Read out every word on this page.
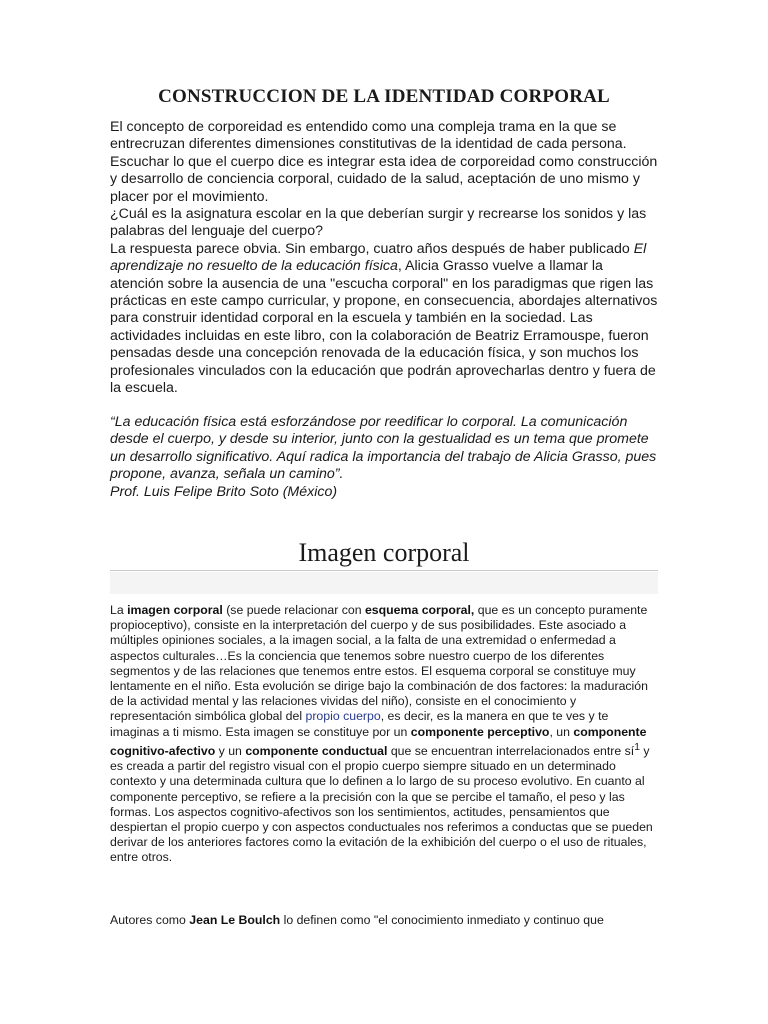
CONSTRUCCION DE LA IDENTIDAD CORPORAL

El concepto de corporeidad es entendido como una compleja trama en la que se entrecruzan diferentes dimensiones constitutivas de la identidad de cada persona. Escuchar lo que el cuerpo dice es integrar esta idea de corporeidad como construcción y desarrollo de conciencia corporal, cuidado de la salud, aceptación de uno mismo y placer por el movimiento.

¿Cuál es la asignatura escolar en la que deberían surgir y recrearse los sonidos y las palabras del lenguaje del cuerpo?

La respuesta parece obvia. Sin embargo, cuatro años después de haber publicado El aprendizaje no resuelto de la educación física, Alicia Grasso vuelve a llamar la atención sobre la ausencia de una "escucha corporal" en los paradigmas que rigen las prácticas en este campo curricular, y propone, en consecuencia, abordajes alternativos para construir identidad corporal en la escuela y también en la sociedad. Las actividades incluidas en este libro, con la colaboración de Beatriz Erramouspe, fueron pensadas desde una concepción renovada de la educación física, y son muchos los profesionales vinculados con la educación que podrán aprovecharlas dentro y fuera de la escuela.

“La educación física está esforzándose por reedificar lo corporal. La comunicación desde el cuerpo, y desde su interior, junto con la gestualidad es un tema que promete un desarrollo significativo. Aquí radica la importancia del trabajo de Alicia Grasso, pues propone, avanza, señala un camino”.

Prof. Luis Felipe Brito Soto (México)

Imagen corporal

La imagen corporal (se puede relacionar con esquema corporal, que es un concepto puramente propioceptivo), consiste en la interpretación del cuerpo y de sus posibilidades. Este asociado a múltiples opiniones sociales, a la imagen social, a la falta de una extremidad o enfermedad a aspectos culturales…Es la conciencia que tenemos sobre nuestro cuerpo de los diferentes segmentos y de las relaciones que tenemos entre estos. El esquema corporal se constituye muy lentamente en el niño. Esta evolución se dirige bajo la combinación de dos factores: la maduración de la actividad mental y las relaciones vividas del niño), consiste en el conocimiento y representación simbólica global del propio cuerpo, es decir, es la manera en que te ves y te imaginas a ti mismo. Esta imagen se constituye por un componente perceptivo, un componente cognitivo-afectivo y un componente conductual que se encuentran interrelacionados entre $sí^1$ y es creada a partir del registro visual con el propio cuerpo siempre situado en un determinado contexto y una determinada cultura que lo definen a lo largo de su proceso evolutivo. En cuanto al componente perceptivo, se refiere a la precisión con la que se percibe el tamaño, el peso y las formas. Los aspectos cognitivo-afectivos son los sentimientos, actitudes, pensamientos que despiertan el propio cuerpo y con aspectos conductuales nos referimos a conductas que se pueden derivar de los anteriores factores como la evitación de la exhibición del cuerpo o el uso de rituales, entre otros.

Autores como Jean Le Boulch lo definen como "el conocimiento inmediato y continuo que
